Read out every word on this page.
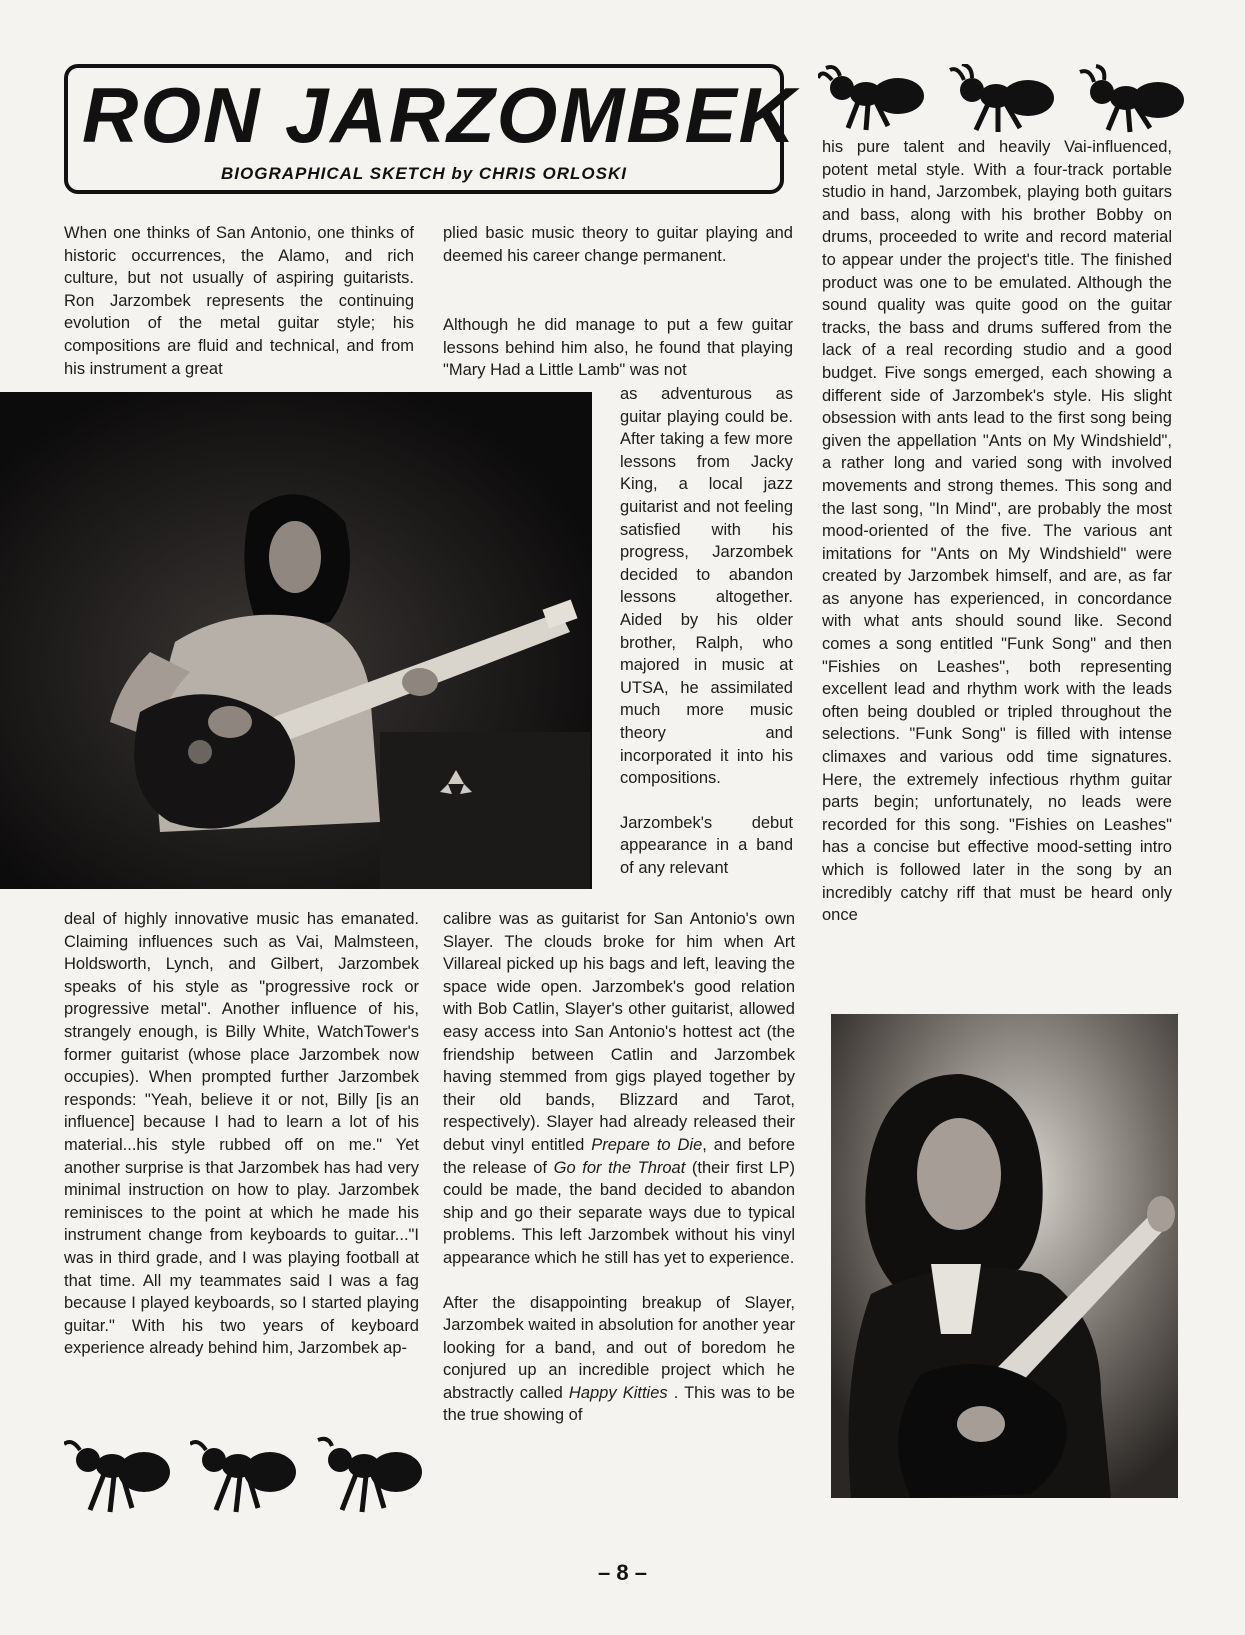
RON JARZOMBEK
BIOGRAPHICAL SKETCH by CHRIS ORLOSKI

When one thinks of San Antonio, one thinks of historic occurrences, the Alamo, and rich culture, but not usually of aspiring guitarists. Ron Jarzombek represents the continuing evolution of the metal guitar style; his compositions are fluid and technical, and from his instrument a great

plied basic music theory to guitar playing and deemed his career change permanent.

Although he did manage to put a few guitar lessons behind him also, he found that playing "Mary Had a Little Lamb" was not

as adventurous as guitar playing could be. After taking a few more lessons from Jacky King, a local jazz guitarist and not feeling satisfied with his progress, Jarzombek decided to abandon lessons altogether. Aided by his older brother, Ralph, who majored in music at UTSA, he assimilated much more music theory and incorporated it into his compositions.

Jarzombek's debut appearance in a band of any relevant

deal of highly innovative music has emanated. Claiming influences such as Vai, Malmsteen, Holdsworth, Lynch, and Gilbert, Jarzombek speaks of his style as "progressive rock or progressive metal". Another influence of his, strangely enough, is Billy White, WatchTower's former guitarist (whose place Jarzombek now occupies). When prompted further Jarzombek responds: "Yeah, believe it or not, Billy [is an influence] because I had to learn a lot of his material...his style rubbed off on me." Yet another surprise is that Jarzombek has had very minimal instruction on how to play. Jarzombek reminisces to the point at which he made his instrument change from keyboards to guitar..."I was in third grade, and I was playing football at that time. All my teammates said I was a fag because I played keyboards, so I started playing guitar." With his two years of keyboard experience already behind him, Jarzombek ap-

calibre was as guitarist for San Antonio's own Slayer. The clouds broke for him when Art Villareal picked up his bags and left, leaving the space wide open. Jarzombek's good relation with Bob Catlin, Slayer's other guitarist, allowed easy access into San Antonio's hottest act (the friendship between Catlin and Jarzombek having stemmed from gigs played together by their old bands, Blizzard and Tarot, respectively). Slayer had already released their debut vinyl entitled Prepare to Die, and before the release of Go for the Throat (their first LP) could be made, the band decided to abandon ship and go their separate ways due to typical problems. This left Jarzombek without his vinyl appearance which he still has yet to experience.

After the disappointing breakup of Slayer, Jarzombek waited in absolution for another year looking for a band, and out of boredom he conjured up an incredible project which he abstractly called Happy Kitties . This was to be the true showing of

his pure talent and heavily Vai-influenced, potent metal style. With a four-track portable studio in hand, Jarzombek, playing both guitars and bass, along with his brother Bobby on drums, proceeded to write and record material to appear under the project's title. The finished product was one to be emulated. Although the sound quality was quite good on the guitar tracks, the bass and drums suffered from the lack of a real recording studio and a good budget. Five songs emerged, each showing a different side of Jarzombek's style. His slight obsession with ants lead to the first song being given the appellation "Ants on My Windshield", a rather long and varied song with involved movements and strong themes. This song and the last song, "In Mind", are probably the most mood-oriented of the five. The various ant imitations for "Ants on My Windshield" were created by Jarzombek himself, and are, as far as anyone has experienced, in concordance with what ants should sound like. Second comes a song entitled "Funk Song" and then "Fishies on Leashes", both representing excellent lead and rhythm work with the leads often being doubled or tripled throughout the selections. "Funk Song" is filled with intense climaxes and various odd time signatures. Here, the extremely infectious rhythm guitar parts begin; unfortunately, no leads were recorded for this song. "Fishies on Leashes" has a concise but effective mood-setting intro which is followed later in the song by an incredibly catchy riff that must be heard only once

– 8 –
